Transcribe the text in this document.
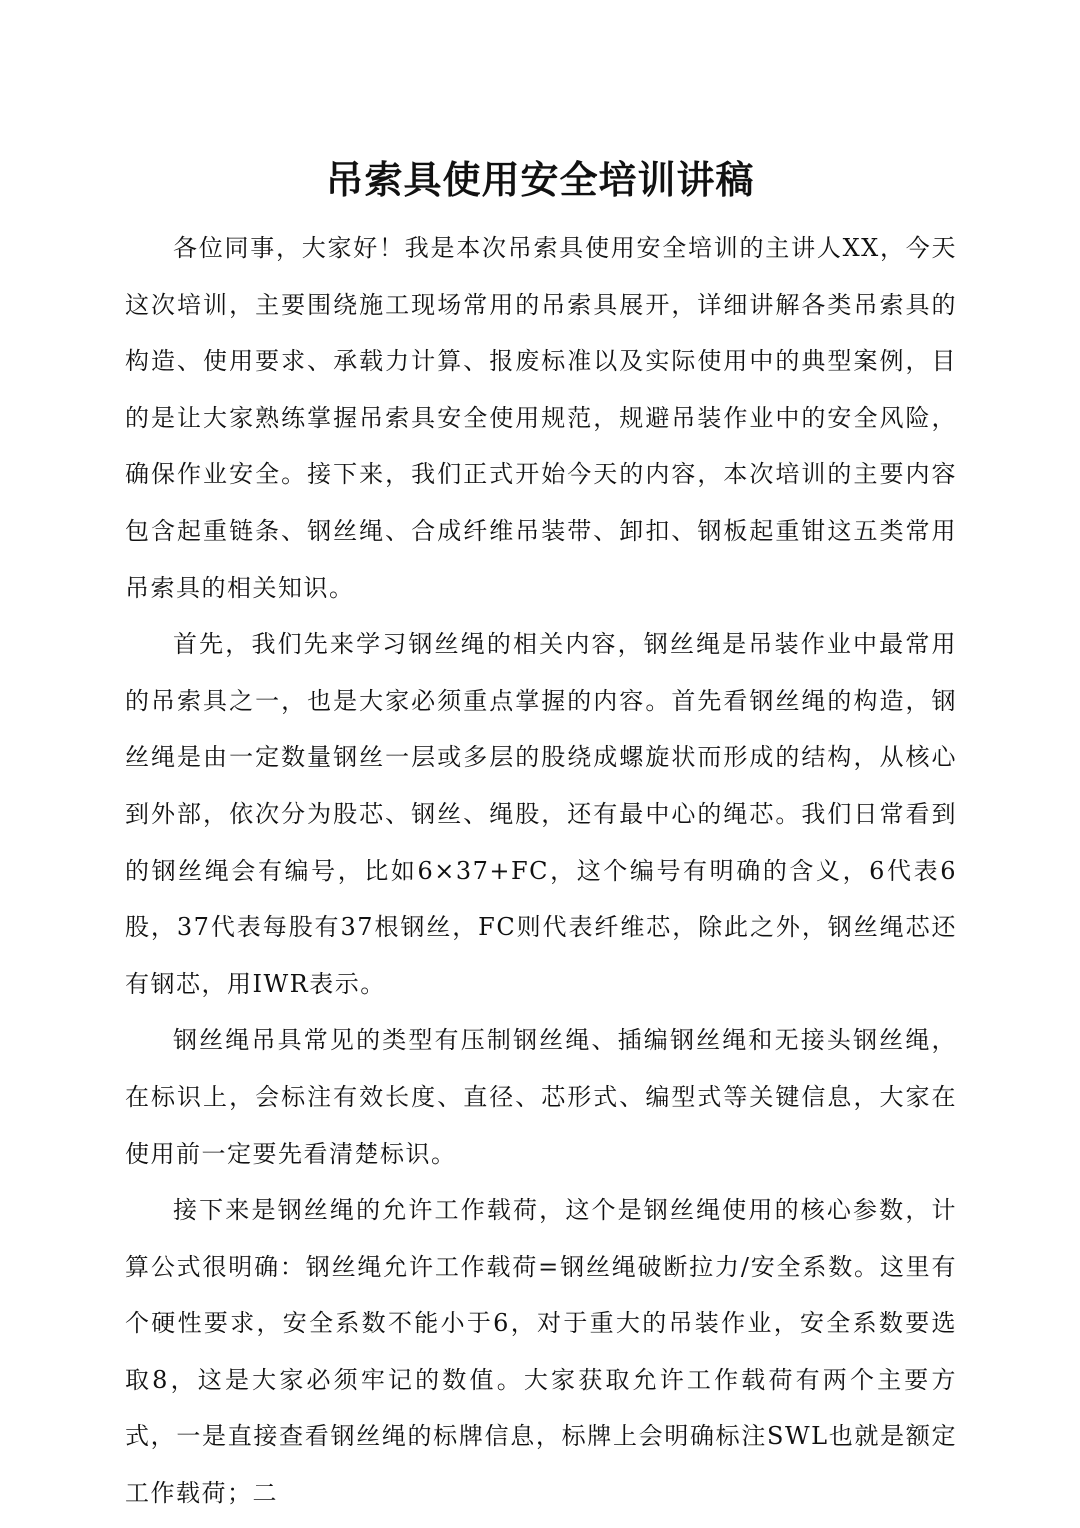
吊索具使用安全培训讲稿

各位同事，大家好！我是本次吊索具使用安全培训的主讲人XX，今天这次培训，主要围绕施工现场常用的吊索具展开，详细讲解各类吊索具的构造、使用要求、承载力计算、报废标准以及实际使用中的典型案例，目的是让大家熟练掌握吊索具安全使用规范，规避吊装作业中的安全风险，确保作业安全。接下来，我们正式开始今天的内容，本次培训的主要内容包含起重链条、钢丝绳、合成纤维吊装带、卸扣、钢板起重钳这五类常用吊索具的相关知识。

首先，我们先来学习钢丝绳的相关内容，钢丝绳是吊装作业中最常用的吊索具之一，也是大家必须重点掌握的内容。首先看钢丝绳的构造，钢丝绳是由一定数量钢丝一层或多层的股绕成螺旋状而形成的结构，从核心到外部，依次分为股芯、钢丝、绳股，还有最中心的绳芯。我们日常看到的钢丝绳会有编号，比如6×37+FC，这个编号有明确的含义，6代表6股，37代表每股有37根钢丝，FC则代表纤维芯，除此之外，钢丝绳芯还有钢芯，用IWR表示。

钢丝绳吊具常见的类型有压制钢丝绳、插编钢丝绳和无接头钢丝绳，在标识上，会标注有效长度、直径、芯形式、编型式等关键信息，大家在使用前一定要先看清楚标识。

接下来是钢丝绳的允许工作载荷，这个是钢丝绳使用的核心参数，计算公式很明确：钢丝绳允许工作载荷=钢丝绳破断拉力/安全系数。这里有个硬性要求，安全系数不能小于6，对于重大的吊装作业，安全系数要选取8，这是大家必须牢记的数值。大家获取允许工作载荷有两个主要方式，一是直接查看钢丝绳的标牌信息，标牌上会明确标注SWL也就是额定工作载荷；二
